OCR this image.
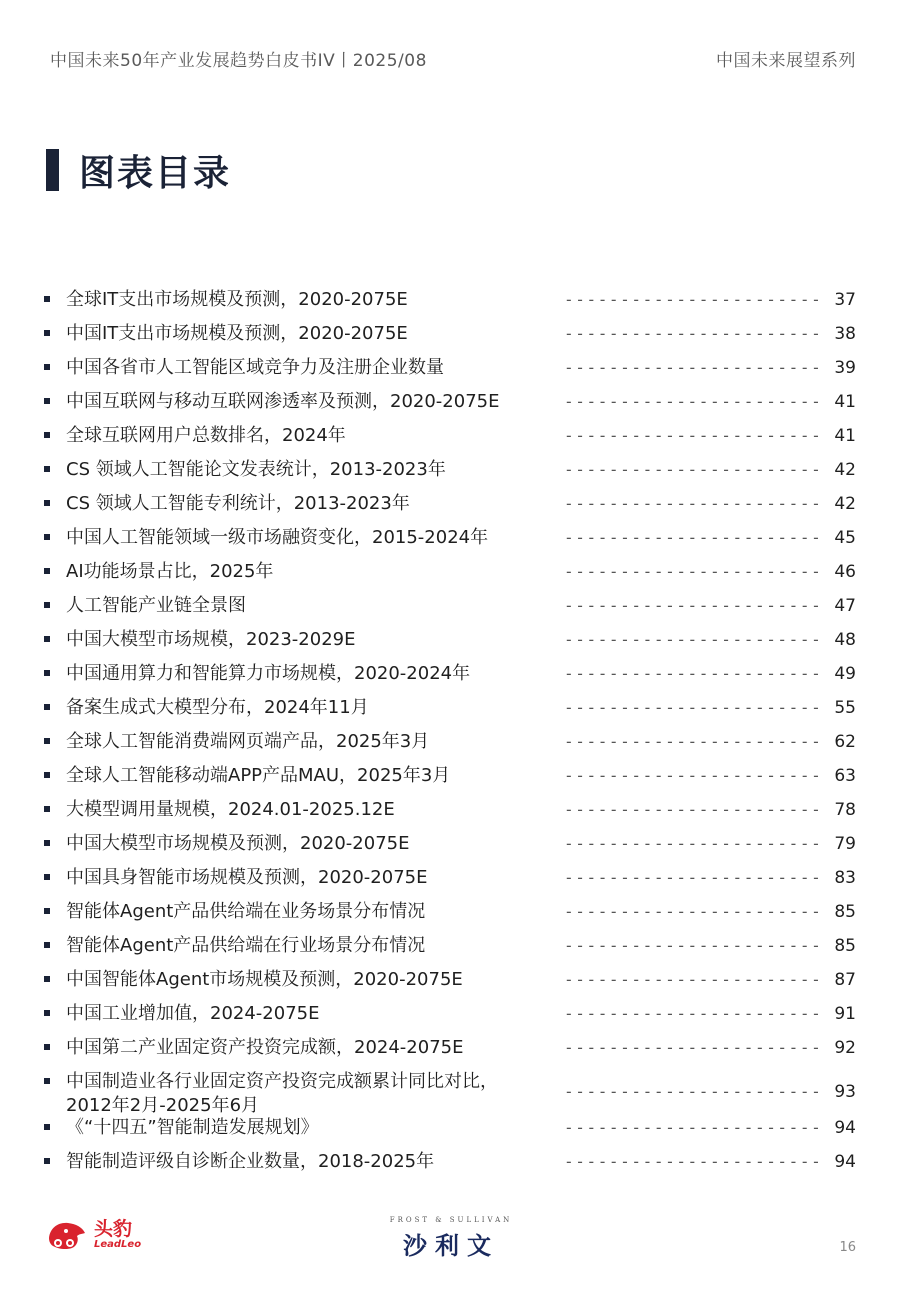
中国未来50年产业发展趋势白皮书IV丨2025/08	中国未来展望系列
图表目录
全球IT支出市场规模及预测，2020-2075E	----------------------- 37
中国IT支出市场规模及预测，2020-2075E	----------------------- 38
中国各省市人工智能区域竞争力及注册企业数量	----------------------- 39
中国互联网与移动互联网渗透率及预测，2020-2075E	----------------------- 41
全球互联网用户总数排名，2024年	----------------------- 41
CS 领域人工智能论文发表统计，2013-2023年	----------------------- 42
CS 领域人工智能专利统计，2013-2023年	----------------------- 42
中国人工智能领域一级市场融资变化，2015-2024年	----------------------- 45
AI功能场景占比，2025年	----------------------- 46
人工智能产业链全景图	----------------------- 47
中国大模型市场规模，2023-2029E	----------------------- 48
中国通用算力和智能算力市场规模，2020-2024年	----------------------- 49
备案生成式大模型分布，2024年11月	----------------------- 55
全球人工智能消费端网页端产品，2025年3月	----------------------- 62
全球人工智能移动端APP产品MAU，2025年3月	----------------------- 63
大模型调用量规模，2024.01-2025.12E	----------------------- 78
中国大模型市场规模及预测，2020-2075E	----------------------- 79
中国具身智能市场规模及预测，2020-2075E	----------------------- 83
智能体Agent产品供给端在业务场景分布情况	----------------------- 85
智能体Agent产品供给端在行业场景分布情况	----------------------- 85
中国智能体Agent市场规模及预测，2020-2075E	----------------------- 87
中国工业增加值，2024-2075E	----------------------- 91
中国第二产业固定资产投资完成额，2024-2075E	----------------------- 92
中国制造业各行业固定资产投资完成额累计同比对比，
2012年2月-2025年6月
----------------------- 93
《“十四五”智能制造发展规划》	----------------------- 94
智能制造评级自诊断企业数量，2018-2025年	----------------------- 94
头豹
LeadLeo
FROST & SULLIVAN
沙利文	16
